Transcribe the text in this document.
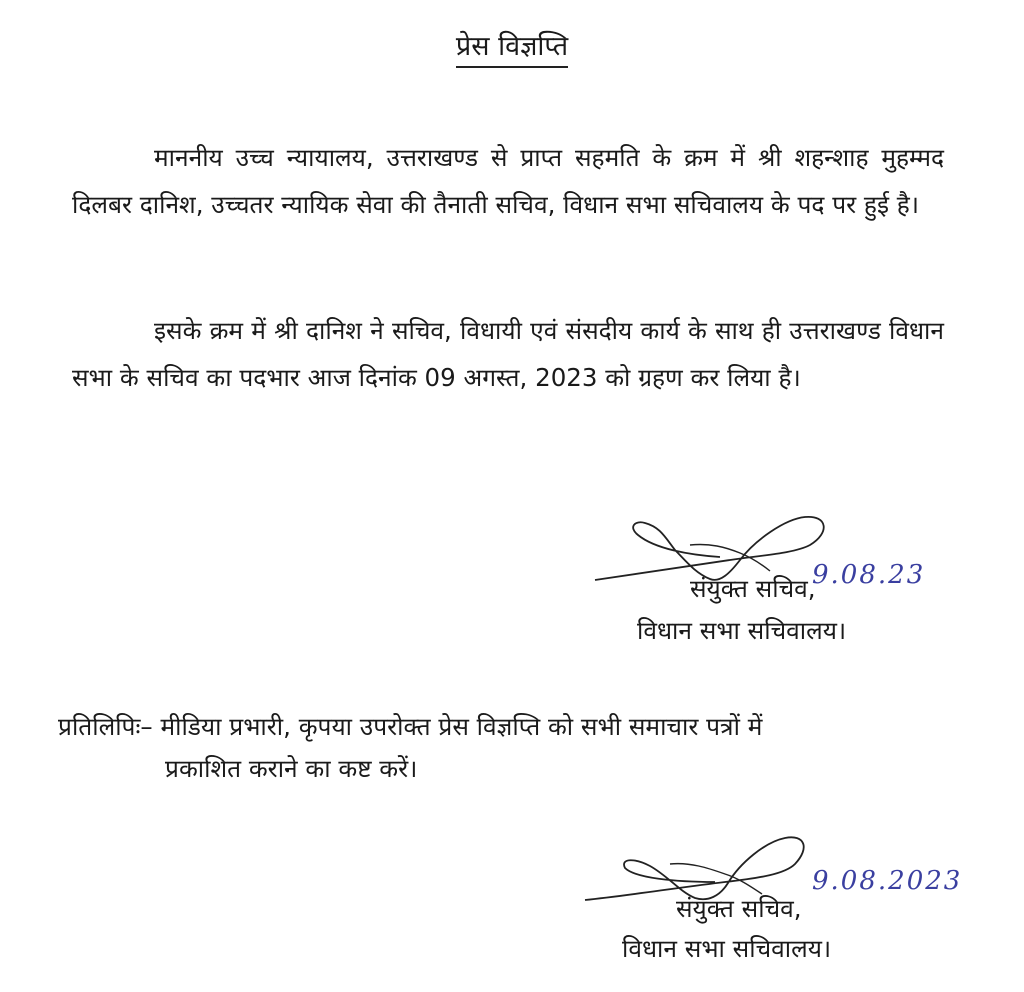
प्रेस विज्ञप्ति

माननीय उच्च न्यायालय, उत्तराखण्ड से प्राप्त सहमति के क्रम में श्री शहन्शाह मुहम्मद दिलबर दानिश, उच्चतर न्यायिक सेवा की तैनाती सचिव, विधान सभा सचिवालय के पद पर हुई है।

इसके क्रम में श्री दानिश ने सचिव, विधायी एवं संसदीय कार्य के साथ ही उत्तराखण्ड विधान सभा के सचिव का पदभार आज दिनांक 09 अगस्त, 2023 को ग्रहण कर लिया है।

संयुक्त सचिव,
9.08.23
विधान सभा सचिवालय।
प्रतिलिपिः– मीडिया प्रभारी, कृपया उपरोक्त प्रेस विज्ञप्ति को सभी समाचार पत्रों में
प्रकाशित कराने का कष्ट करें।
संयुक्त सचिव,
9.08.2023
विधान सभा सचिवालय।
